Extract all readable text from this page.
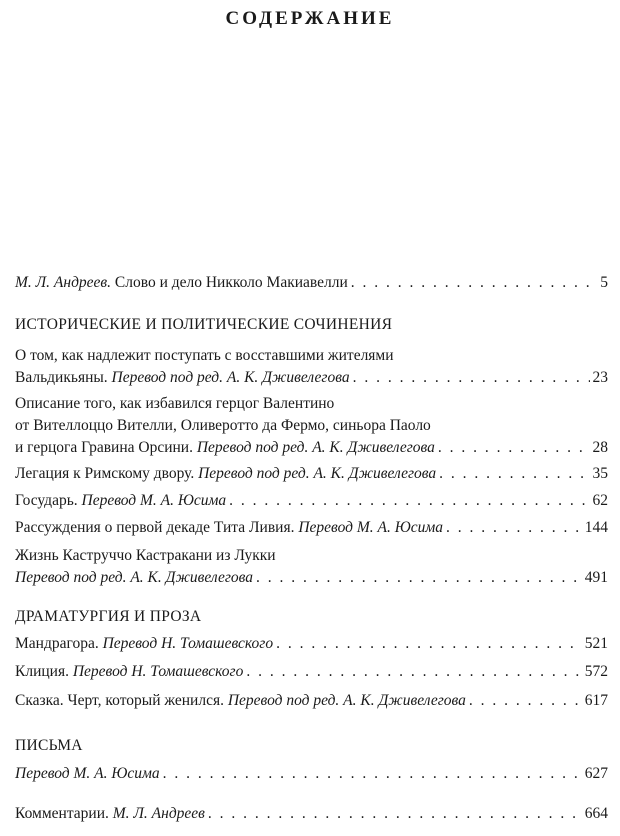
СОДЕРЖАНИЕ
М. Л. Андреев. Слово и дело Никколо Макиавелли . . .	5
ИСТОРИЧЕСКИЕ И ПОЛИТИЧЕСКИЕ СОЧИНЕНИЯ
О том, как надлежит поступать с восставшими жителями
Вальдикьяны. Перевод под ред. А. К. Дживелегова . . .	23
Описание того, как избавился герцог Валентино
от Вителлоццо Вителли, Оливеротто да Фермо, синьора Паоло
и герцога Гравина Орсини. Перевод под ред. А. К. Дживелегова . . .	28
Легация к Римскому двору. Перевод под ред. А. К. Дживелегова . . .	35
Государь. Перевод М. А. Юсима . . .	62
Рассуждения о первой декаде Тита Ливия. Перевод М. А. Юсима . . .	144
Жизнь Каструччо Кастракани из Лукки
Перевод под ред. А. К. Дживелегова . . .	491
ДРАМАТУРГИЯ И ПРОЗА
Мандрагора. Перевод Н. Томашевского . . .	521
Клиция. Перевод Н. Томашевского . . .	572
Сказка. Черт, который женился. Перевод под ред. А. К. Дживелегова . . .	617
ПИСЬМА
Перевод М. А. Юсима . . .	627
Комментарии. М. Л. Андреев . . .	664
